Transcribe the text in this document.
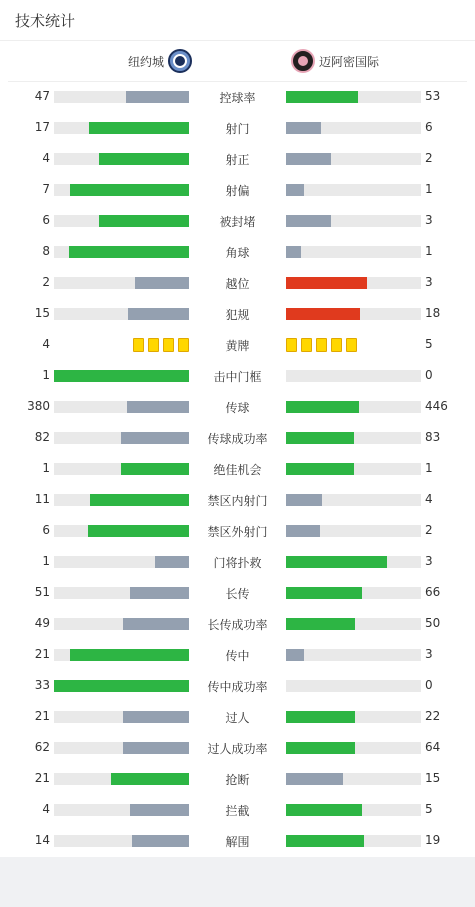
技术统计
纽约城	迈阿密国际
47	控球率	53
17	射门	6
4	射正	2
7	射偏	1
6	被封堵	3
8	角球	1
2	越位	3
15	犯规	18
4	黄牌	5
1	击中门框	0
380	传球	446
82	传球成功率	83
1	绝佳机会	1
11	禁区内射门	4
6	禁区外射门	2
1	门将扑救	3
51	长传	66
49	长传成功率	50
21	传中	3
33	传中成功率	0
21	过人	22
62	过人成功率	64
21	抢断	15
4	拦截	5
14	解围	19
